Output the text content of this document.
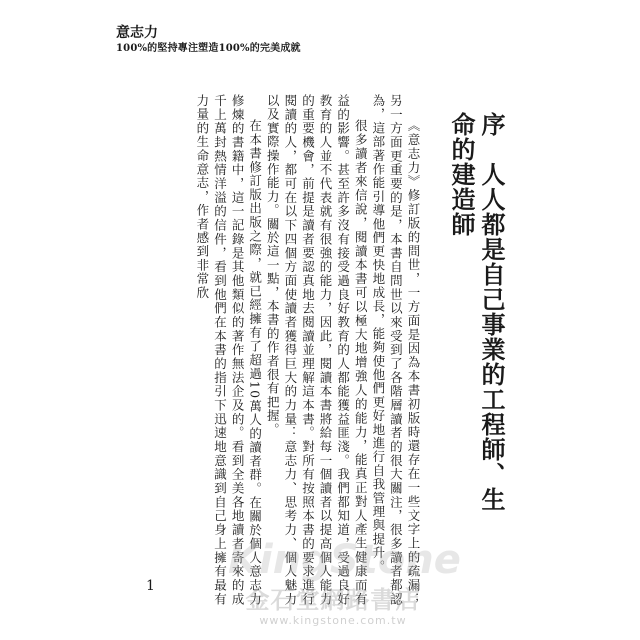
意志力
100%的堅持專注塑造100%的完美成就

《意志力》修訂版的問世，一方面是因為本書初版時還存在一些文字上的疏漏；另一方面更重要的是，本書自問世以來受到了各階層讀者的很大關注，很多讀者都認為，這部著作能引導他們更快地成長，能夠使他們更好地進行自我管理與提升。

很多讀者來信說，閱讀本書可以極大地增強人的能力，能真正對人產生健康而有益的影響。甚至許多沒有接受過良好教育的人都能獲益匪淺。我們都知道，受過良好教育的人並不代表就有很強的能力，因此，閱讀本書將給每一個讀者以提高個人能力的重要機會，前提是讀者要認真地去閱讀並理解這本書。對所有按照本書的要求進行閱讀的人，都可在以下四個方面使讀者獲得巨大的力量：意志力、思考力、個人魅力以及實際操作能力。關於這一點，本書的作者很有把握。

在本書修訂版出版之際，就已經擁有了超過10萬人的讀者群。在關於個人意志力修煉的書籍中，這一記錄是其他類似的著作無法企及的。看到全美各地讀者寄來的成千上萬封熱情洋溢的信件，看到他們在本書的指引下迅速地意識到自己身上擁有最有力量的生命意志，作者感到非常欣	序　人人都是自己事業的工程師、生命的建造師
1
KingStone
金石堂網路書店
www.kingstone.com.tw
